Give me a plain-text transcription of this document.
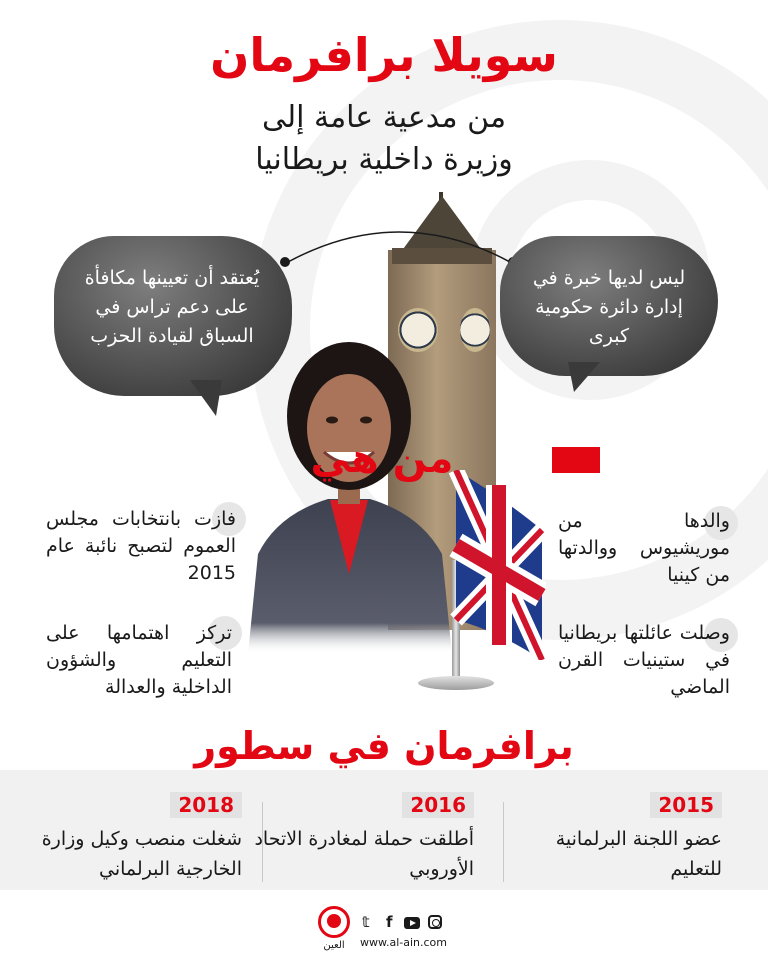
سويلا برافرمان
من مدعية عامة إلى
وزيرة داخلية بريطانيا
يُعتقد أن تعيينها مكافأة على دعم تراس في السباق لقيادة الحزب
ليس لديها خبرة في إدارة دائرة حكومية كبرى
من هي
فازت بانتخابات مجلس العموم لتصبح نائبة عام 2015
تركز اهتمامها على التعليم والشؤون الداخلية والعدالة
والدها من موريشيوس ووالدتها من كينيا
وصلت عائلتها بريطانيا في ستينيات القرن الماضي
برافرمان في سطور
2015
عضو اللجنة البرلمانية للتعليم
2016
أطلقت حملة لمغادرة الاتحاد الأوروبي
2018
شغلت منصب وكيل وزارة الخارجية البرلماني
العين
𝕥 f
www.al-ain.com
